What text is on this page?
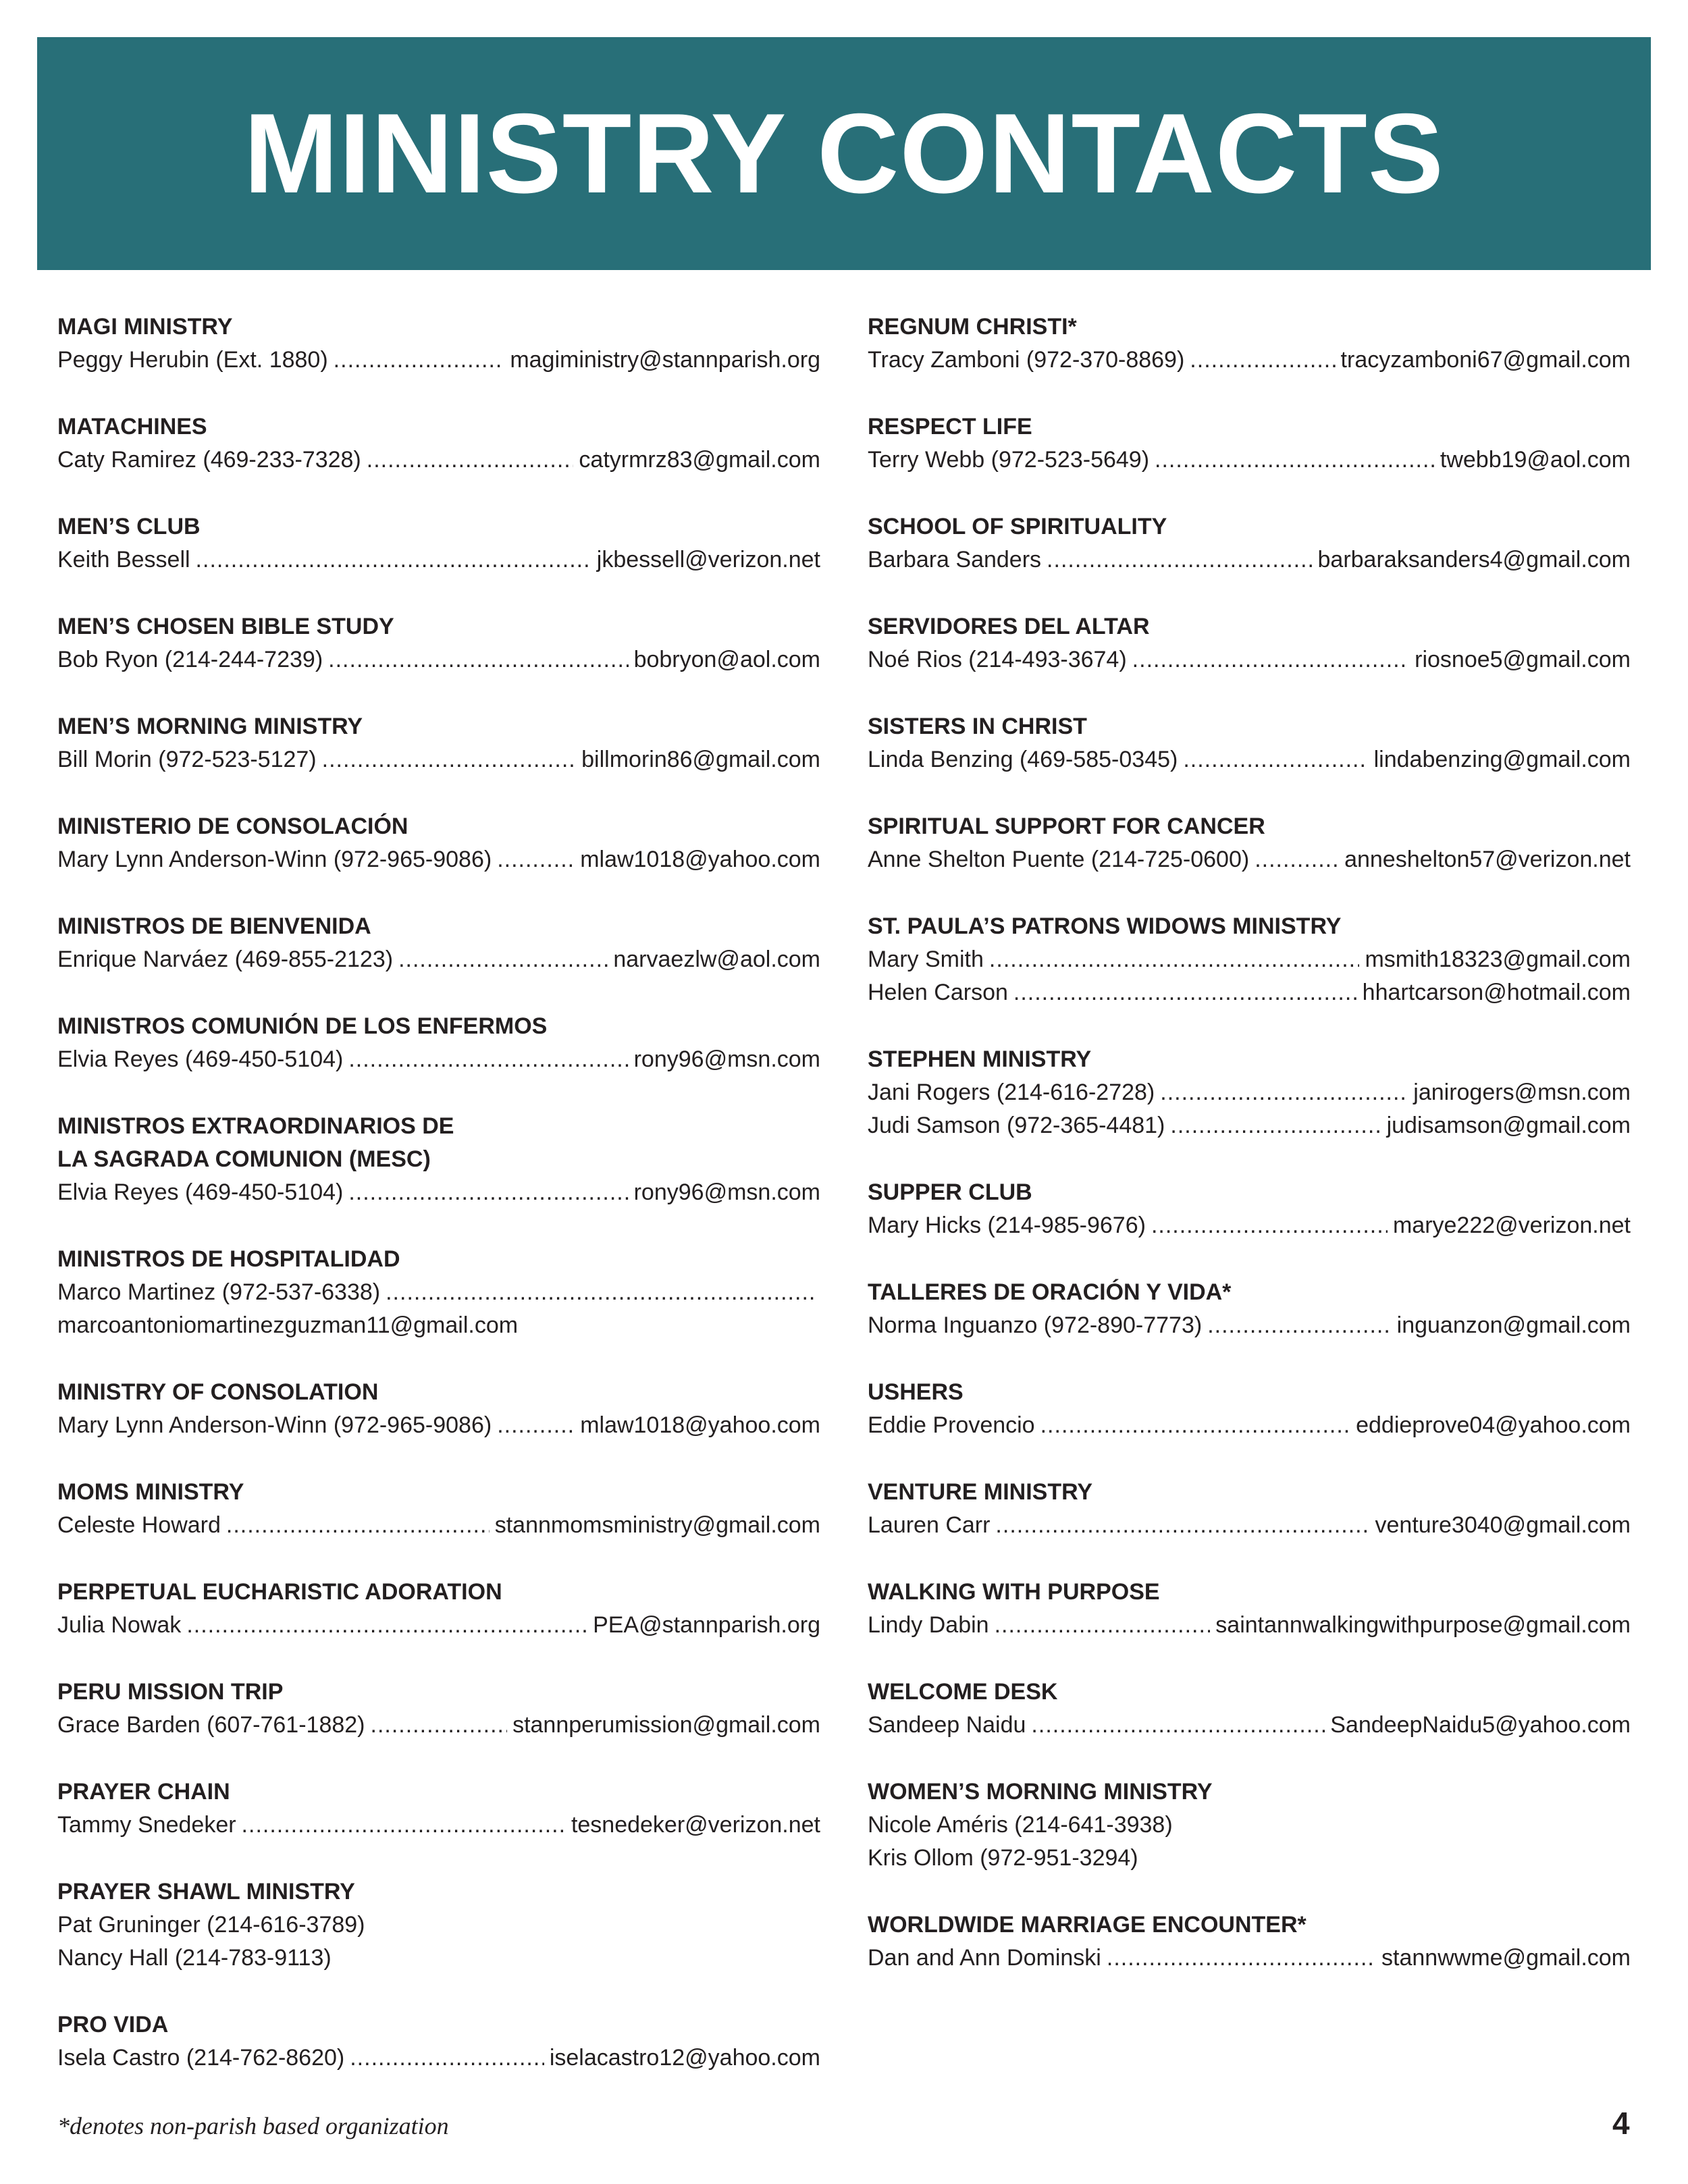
MINISTRY CONTACTS
MAGI MINISTRY
Peggy Herubin (Ext. 1880) .....	magiministry@stannparish.org
MATACHINES
Caty Ramirez (469-233-7328) .....	catyrmrz83@gmail.com
MEN’S CLUB
Keith Bessell .....	jkbessell@verizon.net
MEN’S CHOSEN BIBLE STUDY
Bob Ryon (214-244-7239) .....	bobryon@aol.com
MEN’S MORNING MINISTRY
Bill Morin (972-523-5127) .....	billmorin86@gmail.com
MINISTERIO DE CONSOLACIÓN
Mary Lynn Anderson-Winn (972-965-9086) .....	mlaw1018@yahoo.com
MINISTROS DE BIENVENIDA
Enrique Narváez (469-855-2123) .....	narvaezlw@aol.com
MINISTROS COMUNIÓN DE LOS ENFERMOS
Elvia Reyes (469-450-5104) .....	rony96@msn.com
MINISTROS EXTRAORDINARIOS DE
LA SAGRADA COMUNION (MESC)
Elvia Reyes (469-450-5104) .....	rony96@msn.com
MINISTROS DE HOSPITALIDAD
Marco Martinez (972-537-6338)
.....
marcoantoniomartinezguzman11@gmail.com
MINISTRY OF CONSOLATION
Mary Lynn Anderson-Winn (972-965-9086) .....	mlaw1018@yahoo.com
MOMS MINISTRY
Celeste Howard .....	stannmomsministry@gmail.com
PERPETUAL EUCHARISTIC ADORATION
Julia Nowak .....	PEA@stannparish.org
PERU MISSION TRIP
Grace Barden (607-761-1882) .....	stannperumission@gmail.com
PRAYER CHAIN
Tammy Snedeker .....	tesnedeker@verizon.net
PRAYER SHAWL MINISTRY
Pat Gruninger (214-616-3789)
Nancy Hall (214-783-9113)
PRO VIDA
Isela Castro (214-762-8620) .....	iselacastro12@yahoo.com
REGNUM CHRISTI*
Tracy Zamboni (972-370-8869) .....	tracyzamboni67@gmail.com
RESPECT LIFE
Terry Webb (972-523-5649) .....	twebb19@aol.com
SCHOOL OF SPIRITUALITY
Barbara Sanders .....	barbaraksanders4@gmail.com
SERVIDORES DEL ALTAR
Noé Rios (214-493-3674) .....	riosnoe5@gmail.com
SISTERS IN CHRIST
Linda Benzing (469-585-0345) .....	lindabenzing@gmail.com
SPIRITUAL SUPPORT FOR CANCER
Anne Shelton Puente (214-725-0600) .....	anneshelton57@verizon.net
ST. PAULA’S PATRONS WIDOWS MINISTRY
Mary Smith .....	msmith18323@gmail.com
Helen Carson .....	hhartcarson@hotmail.com
STEPHEN MINISTRY
Jani Rogers (214-616-2728) .....	janirogers@msn.com
Judi Samson (972-365-4481) .....	judisamson@gmail.com
SUPPER CLUB
Mary Hicks (214-985-9676) .....	marye222@verizon.net
TALLERES DE ORACIÓN Y VIDA*
Norma Inguanzo (972-890-7773) .....	inguanzon@gmail.com
USHERS
Eddie Provencio .....	eddieprove04@yahoo.com
VENTURE MINISTRY
Lauren Carr .....	venture3040@gmail.com
WALKING WITH PURPOSE
Lindy Dabin .....	saintannwalkingwithpurpose@gmail.com
WELCOME DESK
Sandeep Naidu .....	SandeepNaidu5@yahoo.com
WOMEN’S MORNING MINISTRY
Nicole Améris (214-641-3938)
Kris Ollom (972-951-3294)
WORLDWIDE MARRIAGE ENCOUNTER*
Dan and Ann Dominski .....	stannwwme@gmail.com
*denotes non-parish based organization	4
